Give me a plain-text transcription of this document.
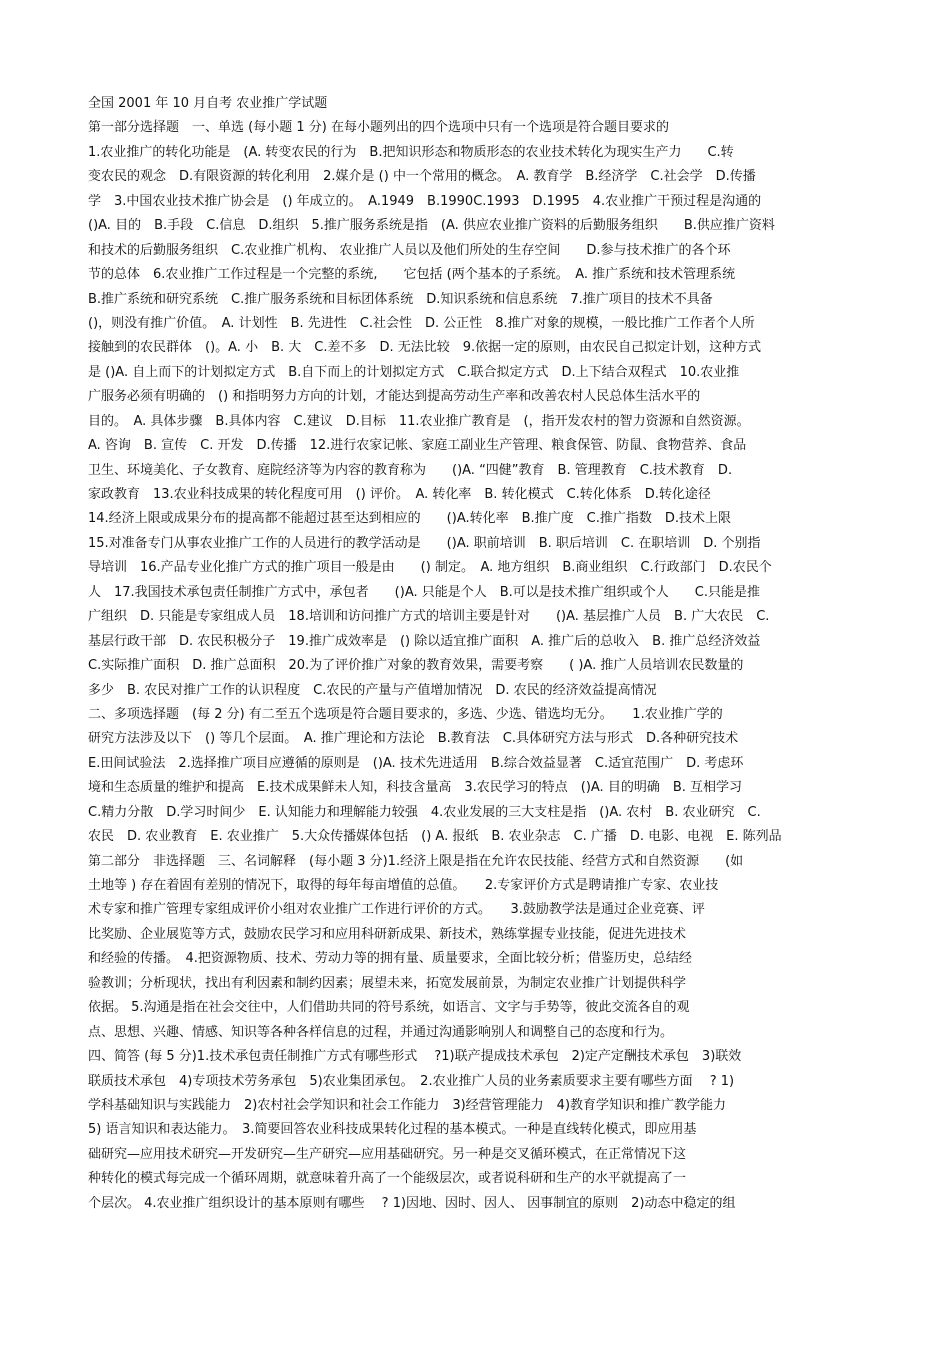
全国 2001 年 10 月自考 农业推广学试题
第一部分选择题　一、单选 (每小题 1 分) 在每小题列出的四个选项中只有一个选项是符合题目要求的
1.农业推广的转化功能是　(A. 转变农民的行为　B.把知识形态和物质形态的农业技术转化为现实生产力　　C.转
变农民的观念　D.有限资源的转化利用　2.媒介是 () 中一个常用的概念。　A. 教育学　B.经济学　C.社会学　D.传播
学　3.中国农业技术推广协会是　() 年成立的。　A.1949　B.1990C.1993　D.1995　4.农业推广干预过程是沟通的
()A. 目的　B.手段　C.信息　D.组织　5.推广服务系统是指　(A. 供应农业推广资料的后勤服务组织　　B.供应推广资料
和技术的后勤服务组织　C.农业推广机构、 农业推广人员以及他们所处的生存空间　　D.参与技术推广的各个环
节的总体　6.农业推广工作过程是一个完整的系统,　　它包括 (两个基本的子系统。　A. 推广系统和技术管理系统
B.推广系统和研究系统　C.推广服务系统和目标团体系统　D.知识系统和信息系统　7.推广项目的技术不具备
()，则没有推广价值。　A. 计划性　B. 先进性　C.社会性　D. 公正性　8.推广对象的规模，一般比推广工作者个人所
接触到的农民群体　()。A. 小　B. 大　C.差不多　D. 无法比较　9.依据一定的原则，由农民自己拟定计划，这种方式
是 ()A. 自上而下的计划拟定方式　B.自下而上的计划拟定方式　C.联合拟定方式　D.上下结合双程式　10.农业推
广服务必须有明确的　() 和指明努力方向的计划，才能达到提高劳动生产率和改善农村人民总体生活水平的
目的。　A. 具体步骤　B.具体内容　C.建议　D.目标　11.农业推广教育是　(，指开发农村的智力资源和自然资源。
A. 咨询　B. 宣传　C. 开发　D.传播　12.进行农家记帐、家庭工副业生产管理、粮食保管、防鼠、食物营养、食品
卫生、环境美化、子女教育、庭院经济等为内容的教育称为　　()A. “四健”教育　B. 管理教育　C.技术教育　D.
家政教育　13.农业科技成果的转化程度可用　() 评价。　A. 转化率　B. 转化模式　C.转化体系　D.转化途径
14.经济上限或成果分布的提高都不能超过甚至达到相应的　　()A.转化率　B.推广度　C.推广指数　D.技术上限
15.对准备专门从事农业推广工作的人员进行的教学活动是　　()A. 职前培训　B. 职后培训　C. 在职培训　D. 个别指
导培训　16.产品专业化推广方式的推广项目一般是由　　() 制定。　A. 地方组织　B.商业组织　C.行政部门　D.农民个
人　17.我国技术承包责任制推广方式中，承包者　　()A. 只能是个人　B.可以是技术推广组织或个人　　C.只能是推
广组织　D. 只能是专家组成人员　18.培训和访问推广方式的培训主要是针对　　()A. 基层推广人员　B. 广大农民　C.
基层行政干部　D. 农民积极分子　19.推广成效率是　() 除以适宜推广面积　A. 推广后的总收入　B. 推广总经济效益
C.实际推广面积　D. 推广总面积　20.为了评价推广对象的教育效果，需要考察　　( )A. 推广人员培训农民数量的
多少　B. 农民对推广工作的认识程度　C.农民的产量与产值增加情况　D. 农民的经济效益提高情况
二、多项选择题　(每 2 分) 有二至五个选项是符合题目要求的，多选、少选、错选均无分。　　1.农业推广学的
研究方法涉及以下　() 等几个层面。　A. 推广理论和方法论　B.教育法　C.具体研究方法与形式　D.各种研究技术
E.田间试验法　2.选择推广项目应遵循的原则是　()A. 技术先进适用　B.综合效益显著　C.适宜范围广　D. 考虑环
境和生态质量的维护和提高　E.技术成果鲜未人知，科技含量高　3.农民学习的特点　()A. 目的明确　B. 互相学习
C.精力分散　D.学习时间少　E. 认知能力和理解能力较强　4.农业发展的三大支柱是指　()A. 农村　B. 农业研究　C.
农民　D. 农业教育　E. 农业推广　5.大众传播媒体包括　() A. 报纸　B. 农业杂志　C. 广播　D. 电影、电视　E. 陈列品
第二部分　非选择题　三、名词解释　(每小题 3 分)1.经济上限是指在允许农民技能、经营方式和自然资源　　(如
土地等 ) 存在着固有差别的情况下，取得的每年每亩增值的总值。　　2.专家评价方式是聘请推广专家、农业技
术专家和推广管理专家组成评价小组对农业推广工作进行评价的方式。　　3.鼓励教学法是通过企业竞赛、评
比奖励、企业展览等方式，鼓励农民学习和应用科研新成果、新技术，熟练掌握专业技能，促进先进技术
和经验的传播。　4.把资源物质、技术、劳动力等的拥有量、质量要求，全面比较分析；借鉴历史，总结经
验教训；分析现状，找出有利因素和制约因素；展望未来，拓宽发展前景，为制定农业推广计划提供科学
依据。 5.沟通是指在社会交往中，人们借助共同的符号系统，如语言、文字与手势等，彼此交流各自的观
点、思想、兴趣、情感、知识等各种各样信息的过程，并通过沟通影响别人和调整自己的态度和行为。
四、简答 (每 5 分)1.技术承包责任制推广方式有哪些形式　 ?1)联产提成技术承包　2)定产定酬技术承包　3)联效
联质技术承包　4)专项技术劳务承包　5)农业集团承包。　2.农业推广人员的业务素质要求主要有哪些方面　 ? 1)
学科基础知识与实践能力　2)农村社会学知识和社会工作能力　3)经营管理能力　4)教育学知识和推广教学能力
5) 语言知识和表达能力。　3.简要回答农业科技成果转化过程的基本模式。一种是直线转化模式，即应用基
础研究—应用技术研究—开发研究—生产研究—应用基础研究。另一种是交叉循环模式，在正常情况下这
种转化的模式每完成一个循环周期，就意味着升高了一个能级层次，或者说科研和生产的水平就提高了一
个层次。 4.农业推广组织设计的基本原则有哪些　 ? 1)因地、因时、因人、 因事制宜的原则　2)动态中稳定的组
